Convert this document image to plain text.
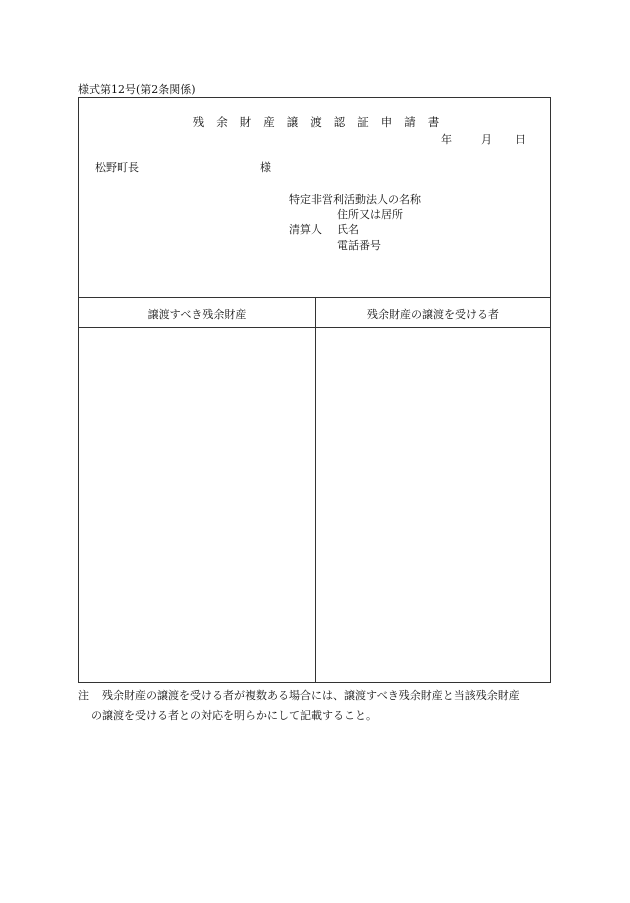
様式第12号(第2条関係)
残余財産譲渡認証申請書
年	月 日
松野町長	様
特定非営利活動法人の名称
住所又は居所
清算人 氏名
電話番号
譲渡すべき残余財産	残余財産の譲渡を受ける者
注 残余財産の譲渡を受ける者が複数ある場合には、譲渡すべき残余財産と当該残余財産
の譲渡を受ける者との対応を明らかにして記載すること。
